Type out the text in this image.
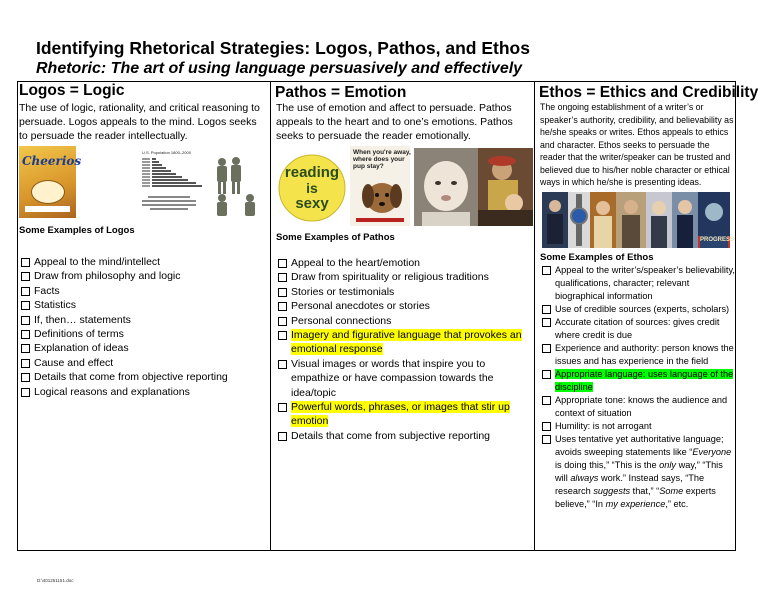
Identifying Rhetorical Strategies: Logos, Pathos, and Ethos
Rhetoric: The art of using language persuasively and effectively
Logos = Logic
The use of logic, rationality, and critical reasoning to persuade. Logos appeals to the mind. Logos seeks to persuade the reader intellectually.
Cheerios
U.S. Population 1800–2000
Some Examples of Logos
Appeal to the mind/intellect
Draw from philosophy and logic
Facts
Statistics
If, then… statements
Definitions of terms
Explanation of ideas
Cause and effect
Details that come from objective reporting
Logical reasons and explanations
Pathos = Emotion
The use of emotion and affect to persuade. Pathos appeals to the heart and to one’s emotions. Pathos seeks to persuade the reader emotionally.
reading
is
sexy
When you're away,
where does your
pup stay?
Some Examples of Pathos
Appeal to the heart/emotion
Draw from spirituality or religious traditions
Stories or testimonials
Personal anecdotes or stories
Personal connections
Imagery and figurative language that provokes an emotional response
Visual images or words that inspire you to empathize or have compassion towards the idea/topic
Powerful words, phrases, or images that stir up emotion
Details that come from subjective reporting
Ethos = Ethics and Credibility
The ongoing establishment of a writer’s or speaker’s authority, credibility, and believability as he/she speaks or writes. Ethos appeals to ethics and character. Ethos seeks to persuade the reader that the writer/speaker can be trusted and believed due to his/her noble character or ethical ways in which he/she is presenting ideas.
PROGRESS
Some Examples of Ethos
Appeal to the writer’s/speaker’s believability, qualifications, character; relevant biographical information
Use of credible sources (experts, scholars)
Accurate citation of sources: gives credit where credit is due
Experience and authority: person knows the issues and has experience in the field
Appropriate language: uses language of the discipline
Appropriate tone: knows the audience and context of situation
Humility: is not arrogant
Uses tentative yet authoritative language; avoids sweeping statements like “Everyone is doing this,” “This is the only way,” “This will always work.” Instead says, “The research suggests that,” “Some experts believe,” “In my experience,” etc.
D:\401251151.doc
